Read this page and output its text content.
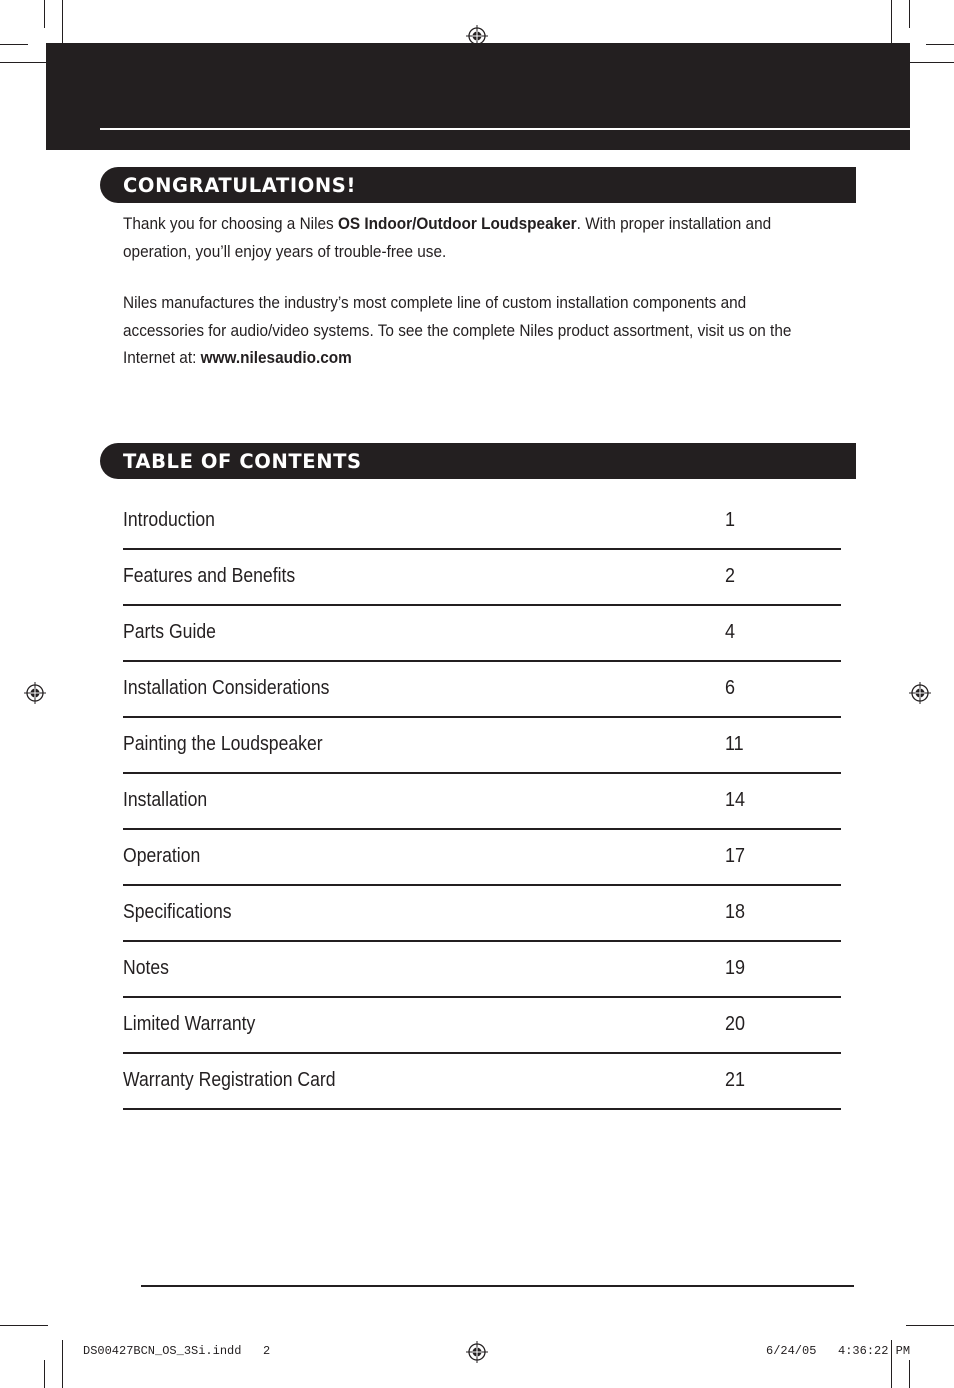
CONGRATULATIONS!
Thank you for choosing a Niles OS Indoor/Outdoor Loudspeaker. With proper installation and
operation, you’ll enjoy years of trouble-free use.
Niles manufactures the industry’s most complete line of custom installation components and
accessories for audio/video systems. To see the complete Niles product assortment, visit us on the
Internet at: www.nilesaudio.com
TABLE OF CONTENTS
Introduction	1
Features and Benefits	2
Parts Guide	4
Installation Considerations	6
Painting the Loudspeaker	11
Installation	14
Operation	17
Specifications	18
Notes	19
Limited Warranty	20
Warranty Registration Card	21
DS00427BCN_OS_3Si.indd   2	6/24/05   4:36:22 PM
